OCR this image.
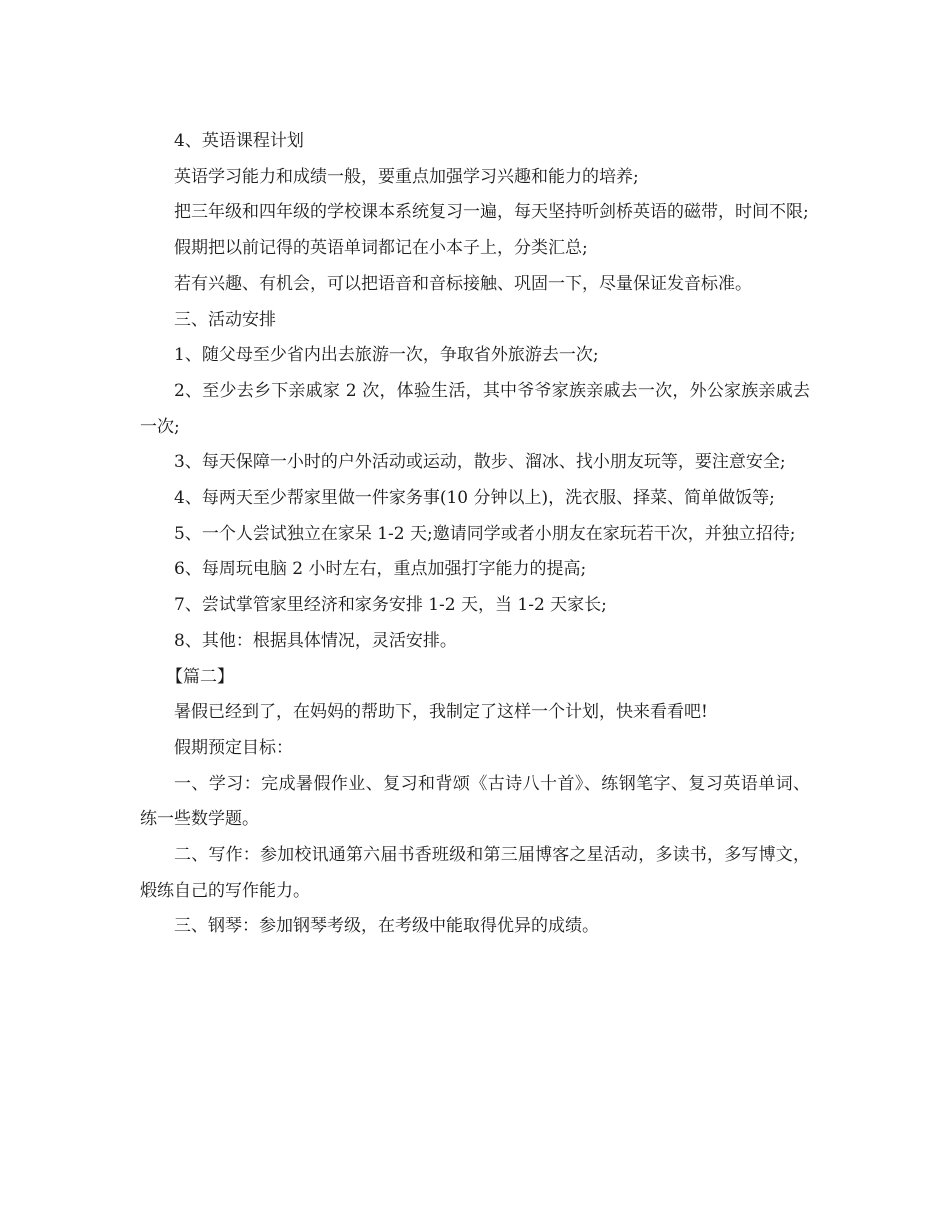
4、英语课程计划

英语学习能力和成绩一般，要重点加强学习兴趣和能力的培养;

把三年级和四年级的学校课本系统复习一遍，每天坚持听剑桥英语的磁带，时间不限;

假期把以前记得的英语单词都记在小本子上，分类汇总;

若有兴趣、有机会，可以把语音和音标接触、巩固一下，尽量保证发音标准。

三、活动安排

1、随父母至少省内出去旅游一次，争取省外旅游去一次;

2、至少去乡下亲戚家 2 次，体验生活，其中爷爷家族亲戚去一次，外公家族亲戚去一次;

3、每天保障一小时的户外活动或运动，散步、溜冰、找小朋友玩等，要注意安全;

4、每两天至少帮家里做一件家务事(10 分钟以上)，洗衣服、择菜、简单做饭等;

5、一个人尝试独立在家呆 1-2 天;邀请同学或者小朋友在家玩若干次，并独立招待;

6、每周玩电脑 2 小时左右，重点加强打字能力的提高;

7、尝试掌管家里经济和家务安排 1-2 天，当 1-2 天家长;

8、其他：根据具体情况，灵活安排。

【篇二】

暑假已经到了，在妈妈的帮助下，我制定了这样一个计划，快来看看吧!

假期预定目标：

一、学习：完成暑假作业、复习和背颂《古诗八十首》、练钢笔字、复习英语单词、练一些数学题。

二、写作：参加校讯通第六届书香班级和第三届博客之星活动，多读书，多写博文，煅练自己的写作能力。

三、钢琴：参加钢琴考级，在考级中能取得优异的成绩。
